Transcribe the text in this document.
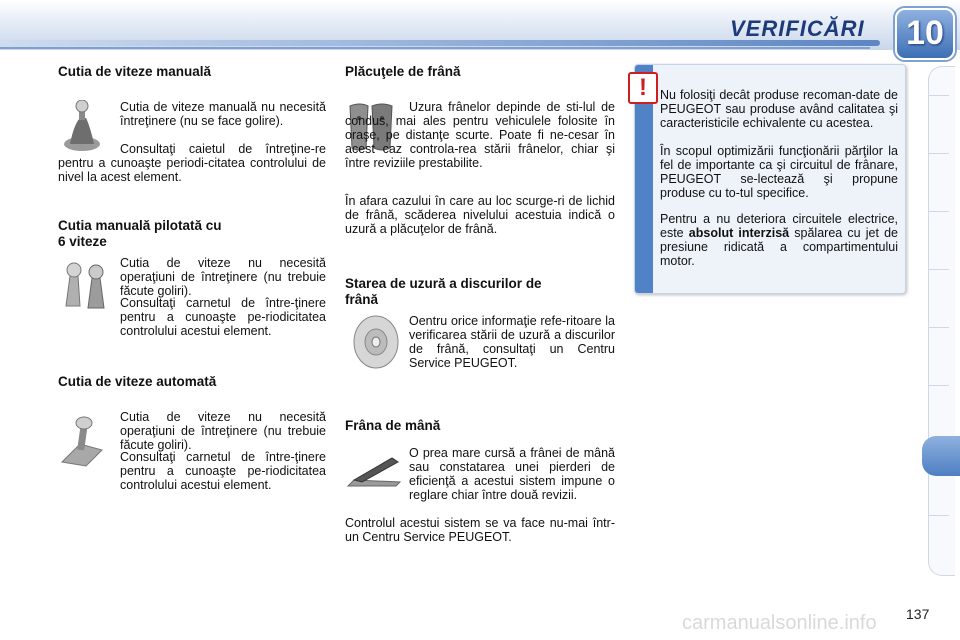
VERIFICĂRI 10
Cutia de viteze manuală

Cutia de viteze manuală nu necesită întreţinere (nu se face golire).

Consultaţi caietul de întreţine-re pentru a cunoaşte periodi-citatea controlului de nivel la acest element.

Cutia manuală pilotată cu
6 viteze

Cutia de viteze nu necesită operaţiuni de întreţinere (nu trebuie făcute goliri).

Consultaţi carnetul de între-ţinere pentru a cunoaşte pe-riodicitatea controlului acestui element.

Cutia de viteze automată

Cutia de viteze nu necesită operaţiuni de întreţinere (nu trebuie făcute goliri).

Consultaţi carnetul de între-ţinere pentru a cunoaşte pe-riodicitatea controlului acestui element.

Plăcuţele de frână

Uzura frânelor depinde de sti-lul de condus, mai ales pentru vehiculele folosite în oraşe, pe distanţe scurte. Poate fi ne-cesar în acest caz controla-rea stării frânelor, chiar şi între reviziile prestabilite.

În afara cazului în care au loc scurge-ri de lichid de frână, scăderea nivelului acestuia indică o uzură a plăcuţelor de frână.

Starea de uzură a discurilor de
frână

Oentru orice informaţie refe-ritoare la verificarea stării de uzură a discurilor de frână, consultaţi un Centru Service PEUGEOT.

Frâna de mână

O prea mare cursă a frânei de mână sau constatarea unei pierderi de eficienţă a acestui sistem impune o reglare chiar între două revizii.

Controlul acestui sistem se va face nu-mai într-un Centru Service PEUGEOT.

!	Nu folosiţi decât produse recoman-date de PEUGEOT sau produse având calitatea şi caracteristicile echivalente cu acestea.

În scopul optimizării funcţionării părţilor la fel de importante ca şi circuitul de frânare, PEUGEOT se-lectează şi propune produse cu to-tul specifice.

Pentru a nu deteriora circuitele electrice, este absolut interzisă spălarea cu jet de presiune ridicată a compartimentului motor.

carmanualsonline.info 137
